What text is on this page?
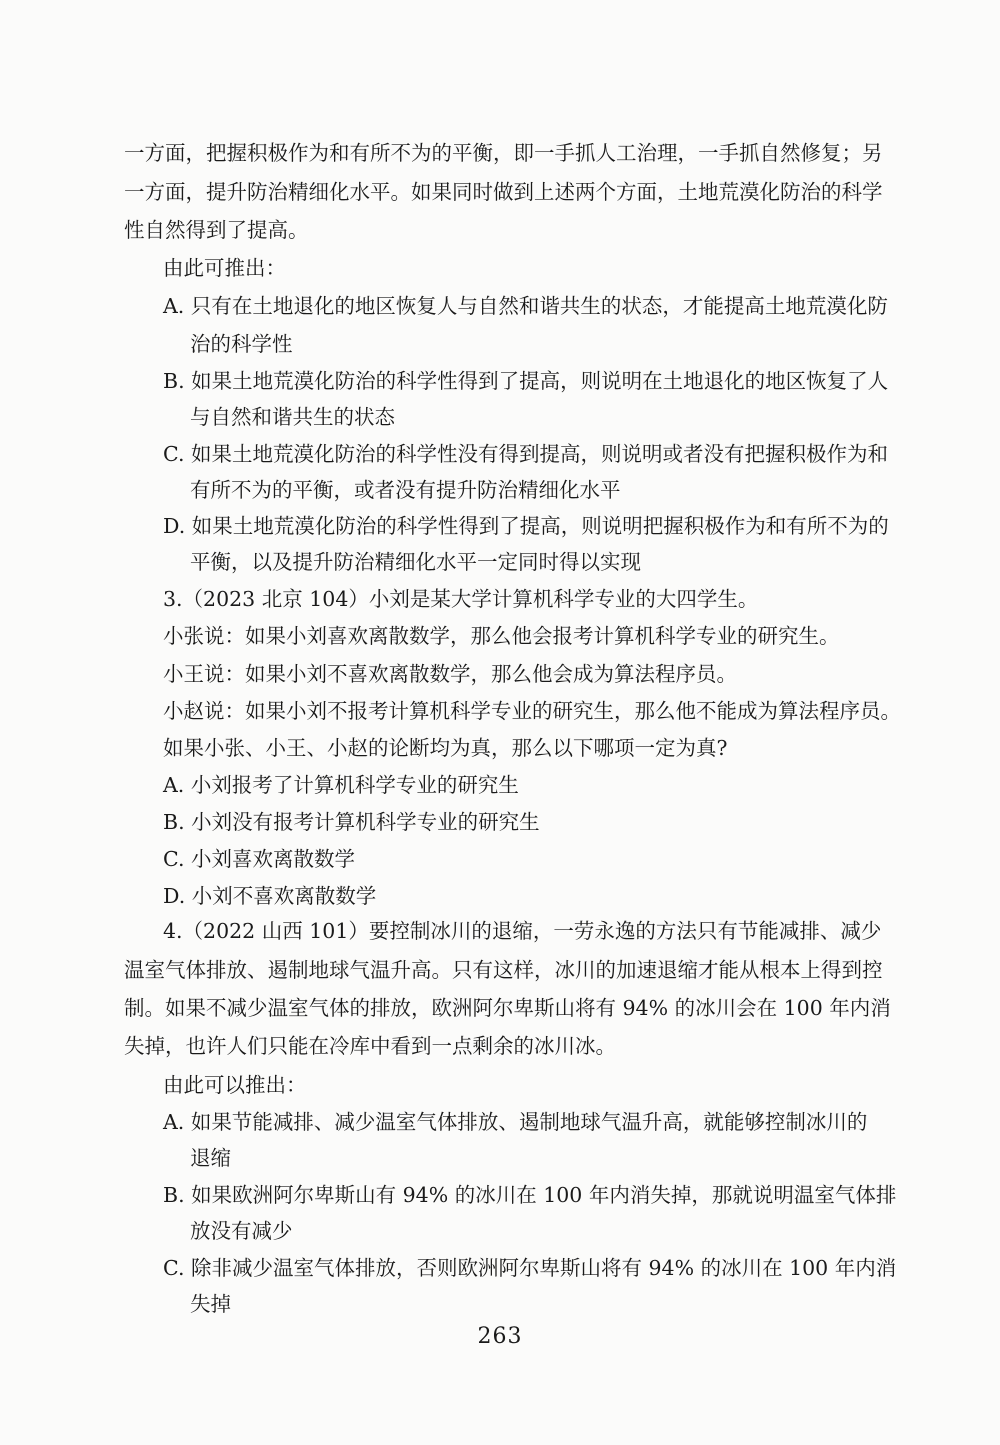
一方面，把握积极作为和有所不为的平衡，即一手抓人工治理，一手抓自然修复；另
一方面，提升防治精细化水平。如果同时做到上述两个方面，土地荒漠化防治的科学
性自然得到了提高。
由此可推出：
A. 只有在土地退化的地区恢复人与自然和谐共生的状态，才能提高土地荒漠化防
治的科学性
B. 如果土地荒漠化防治的科学性得到了提高，则说明在土地退化的地区恢复了人
与自然和谐共生的状态
C. 如果土地荒漠化防治的科学性没有得到提高，则说明或者没有把握积极作为和
有所不为的平衡，或者没有提升防治精细化水平
D. 如果土地荒漠化防治的科学性得到了提高，则说明把握积极作为和有所不为的
平衡，以及提升防治精细化水平一定同时得以实现
3.（2023 北京 104）小刘是某大学计算机科学专业的大四学生。
小张说：如果小刘喜欢离散数学，那么他会报考计算机科学专业的研究生。
小王说：如果小刘不喜欢离散数学，那么他会成为算法程序员。
小赵说：如果小刘不报考计算机科学专业的研究生，那么他不能成为算法程序员。
如果小张、小王、小赵的论断均为真，那么以下哪项一定为真?
A. 小刘报考了计算机科学专业的研究生
B. 小刘没有报考计算机科学专业的研究生
C. 小刘喜欢离散数学
D. 小刘不喜欢离散数学
4.（2022 山西 101）要控制冰川的退缩，一劳永逸的方法只有节能减排、减少
温室气体排放、遏制地球气温升高。只有这样，冰川的加速退缩才能从根本上得到控
制。如果不减少温室气体的排放，欧洲阿尔卑斯山将有 94% 的冰川会在 100 年内消
失掉，也许人们只能在冷库中看到一点剩余的冰川冰。
由此可以推出：
A. 如果节能减排、减少温室气体排放、遏制地球气温升高，就能够控制冰川的
退缩
B. 如果欧洲阿尔卑斯山有 94% 的冰川在 100 年内消失掉，那就说明温室气体排
放没有减少
C. 除非减少温室气体排放，否则欧洲阿尔卑斯山将有 94% 的冰川在 100 年内消
失掉
263
